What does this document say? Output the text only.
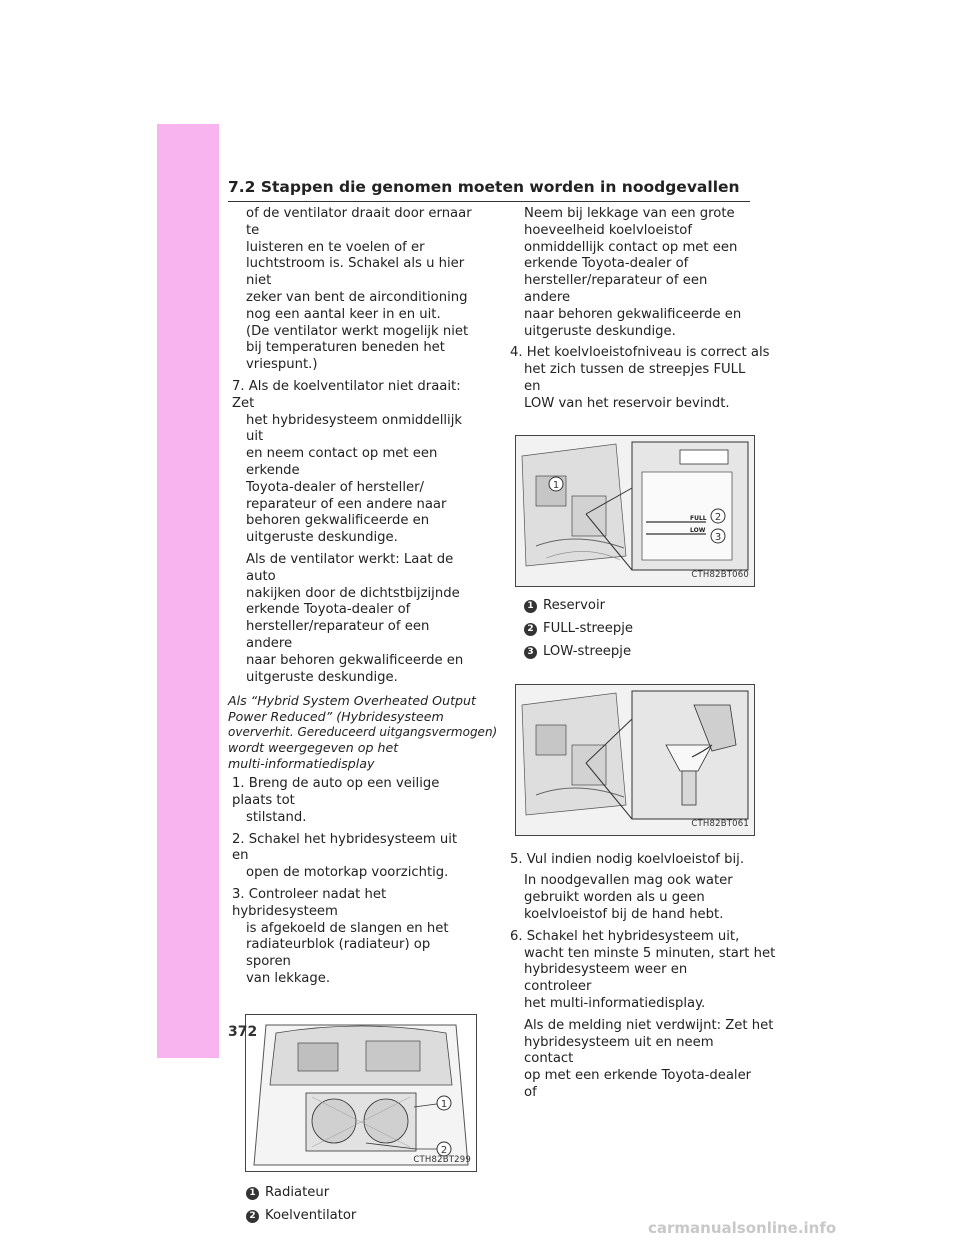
7.2 Stappen die genomen moeten worden in noodgevallen

of de ventilator draait door ernaar te

luisteren en te voelen of er

luchtstroom is. Schakel als u hier niet

zeker van bent de airconditioning

nog een aantal keer in en uit.

(De ventilator werkt mogelijk niet

bij temperaturen beneden het

vriespunt.)

7. Als de koelventilator niet draait: Zet

het hybridesysteem onmiddellijk uit

en neem contact op met een erkende

Toyota-dealer of hersteller/

reparateur of een andere naar

behoren gekwalificeerde en

uitgeruste deskundige.

Als de ventilator werkt: Laat de auto

nakijken door de dichtstbijzijnde

erkende Toyota-dealer of

hersteller/reparateur of een andere

naar behoren gekwalificeerde en

uitgeruste deskundige.

Als “Hybrid System Overheated Output

Power Reduced” (Hybridesysteem

oververhit. Gereduceerd uitgangsvermogen)

wordt weergegeven op het

multi-informatiedisplay

1. Breng de auto op een veilige plaats tot

stilstand.

2. Schakel het hybridesysteem uit en

open de motorkap voorzichtig.

3. Controleer nadat het hybridesysteem

is afgekoeld de slangen en het

radiateurblok (radiateur) op sporen

van lekkage.

1
2
CTH82BT299
1 Radiateur
2 Koelventilator

Neem bij lekkage van een grote

hoeveelheid koelvloeistof

onmiddellijk contact op met een

erkende Toyota-dealer of

hersteller/reparateur of een andere

naar behoren gekwalificeerde en

uitgeruste deskundige.

4. Het koelvloeistofniveau is correct als

het zich tussen de streepjes FULL en

LOW van het reservoir bevindt.

1
FULL
LOW
2
3
CTH82BT060
1 Reservoir
2 FULL-streepje
3 LOW-streepje
CTH82BT061

5. Vul indien nodig koelvloeistof bij.

In noodgevallen mag ook water

gebruikt worden als u geen

koelvloeistof bij de hand hebt.

6. Schakel het hybridesysteem uit,

wacht ten minste 5 minuten, start het

hybridesysteem weer en controleer

het multi-informatiedisplay.

Als de melding niet verdwijnt: Zet het

hybridesysteem uit en neem contact

op met een erkende Toyota-dealer of

372
carmanualsonline.info
